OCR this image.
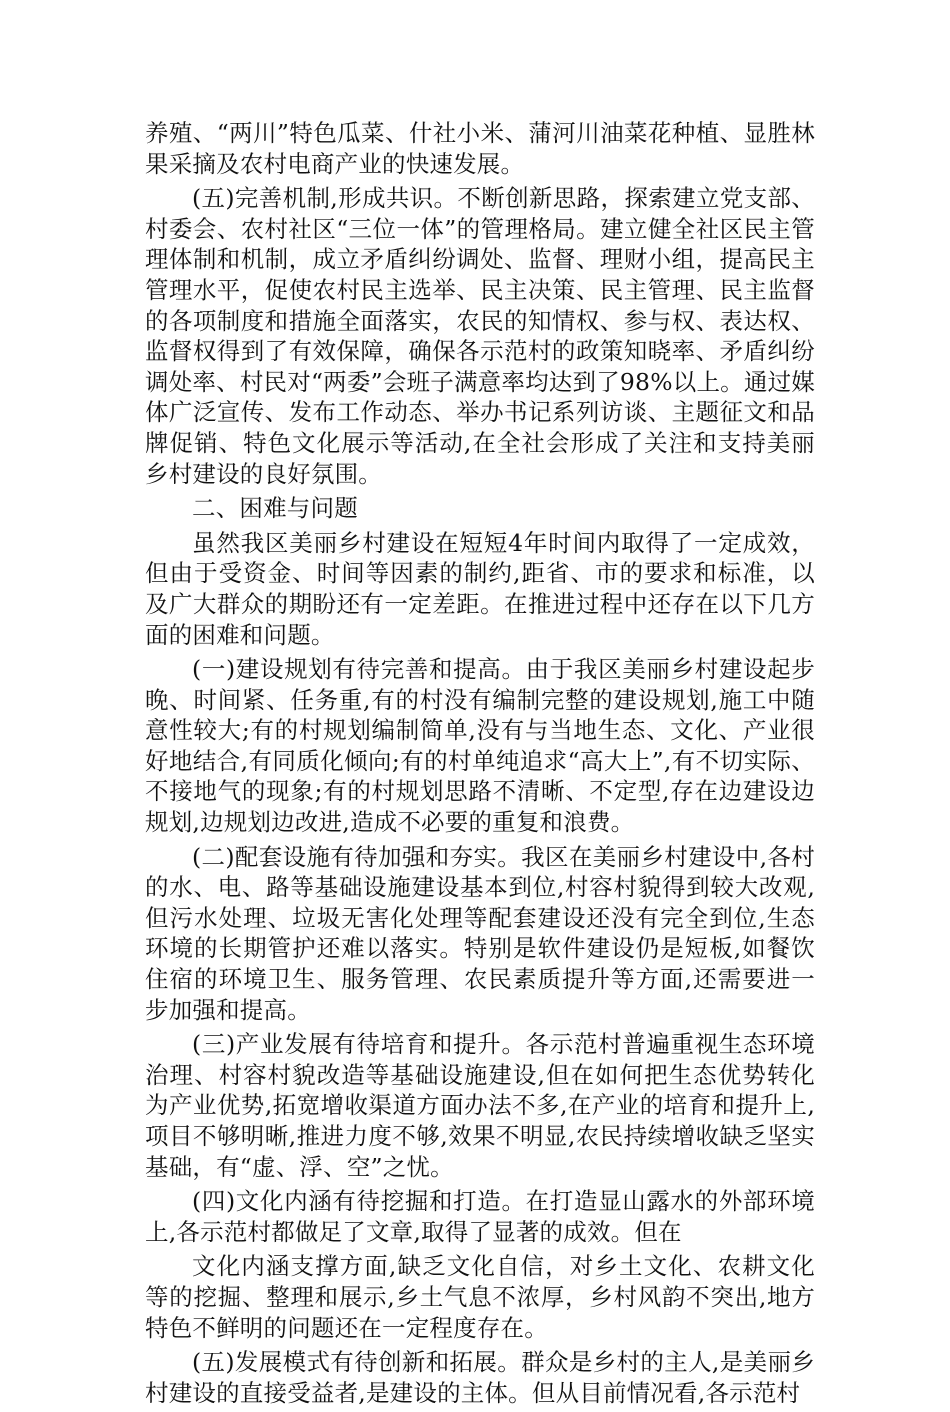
养殖、“两川”特色瓜菜、什社小米、蒲河川油菜花种植、显胜林果采摘及农村电商产业的快速发展。

(五)完善机制,形成共识。不断创新思路，探索建立党支部、村委会、农村社区“三位一体”的管理格局。建立健全社区民主管理体制和机制，成立矛盾纠纷调处、监督、理财小组，提高民主管理水平，促使农村民主选举、民主决策、民主管理、民主监督的各项制度和措施全面落实，农民的知情权、参与权、表达权、监督权得到了有效保障，确保各示范村的政策知晓率、矛盾纠纷调处率、村民对“两委”会班子满意率均达到了98%以上。通过媒体广泛宣传、发布工作动态、举办书记系列访谈、主题征文和品牌促销、特色文化展示等活动,在全社会形成了关注和支持美丽乡村建设的良好氛围。

二、困难与问题

虽然我区美丽乡村建设在短短4年时间内取得了一定成效，但由于受资金、时间等因素的制约,距省、市的要求和标准，以及广大群众的期盼还有一定差距。在推进过程中还存在以下几方面的困难和问题。

(一)建设规划有待完善和提高。由于我区美丽乡村建设起步晚、时间紧、任务重,有的村没有编制完整的建设规划,施工中随意性较大;有的村规划编制简单,没有与当地生态、文化、产业很好地结合,有同质化倾向;有的村单纯追求“高大上”,有不切实际、不接地气的现象;有的村规划思路不清晰、不定型,存在边建设边规划,边规划边改进,造成不必要的重复和浪费。

(二)配套设施有待加强和夯实。我区在美丽乡村建设中,各村的水、电、路等基础设施建设基本到位,村容村貌得到较大改观,但污水处理、垃圾无害化处理等配套建设还没有完全到位,生态环境的长期管护还难以落实。特别是软件建设仍是短板,如餐饮住宿的环境卫生、服务管理、农民素质提升等方面,还需要进一步加强和提高。

(三)产业发展有待培育和提升。各示范村普遍重视生态环境治理、村容村貌改造等基础设施建设,但在如何把生态优势转化为产业优势,拓宽增收渠道方面办法不多,在产业的培育和提升上,项目不够明晰,推进力度不够,效果不明显,农民持续增收缺乏坚实基础，有“虚、浮、空”之忧。

(四)文化内涵有待挖掘和打造。在打造显山露水的外部环境上,各示范村都做足了文章,取得了显著的成效。但在

文化内涵支撑方面,缺乏文化自信，对乡土文化、农耕文化等的挖掘、整理和展示,乡土气息不浓厚，乡村风韵不突出,地方特色不鲜明的问题还在一定程度存在。

(五)发展模式有待创新和拓展。群众是乡村的主人,是美丽乡村建设的直接受益者,是建设的主体。但从目前情况看,各示范村
